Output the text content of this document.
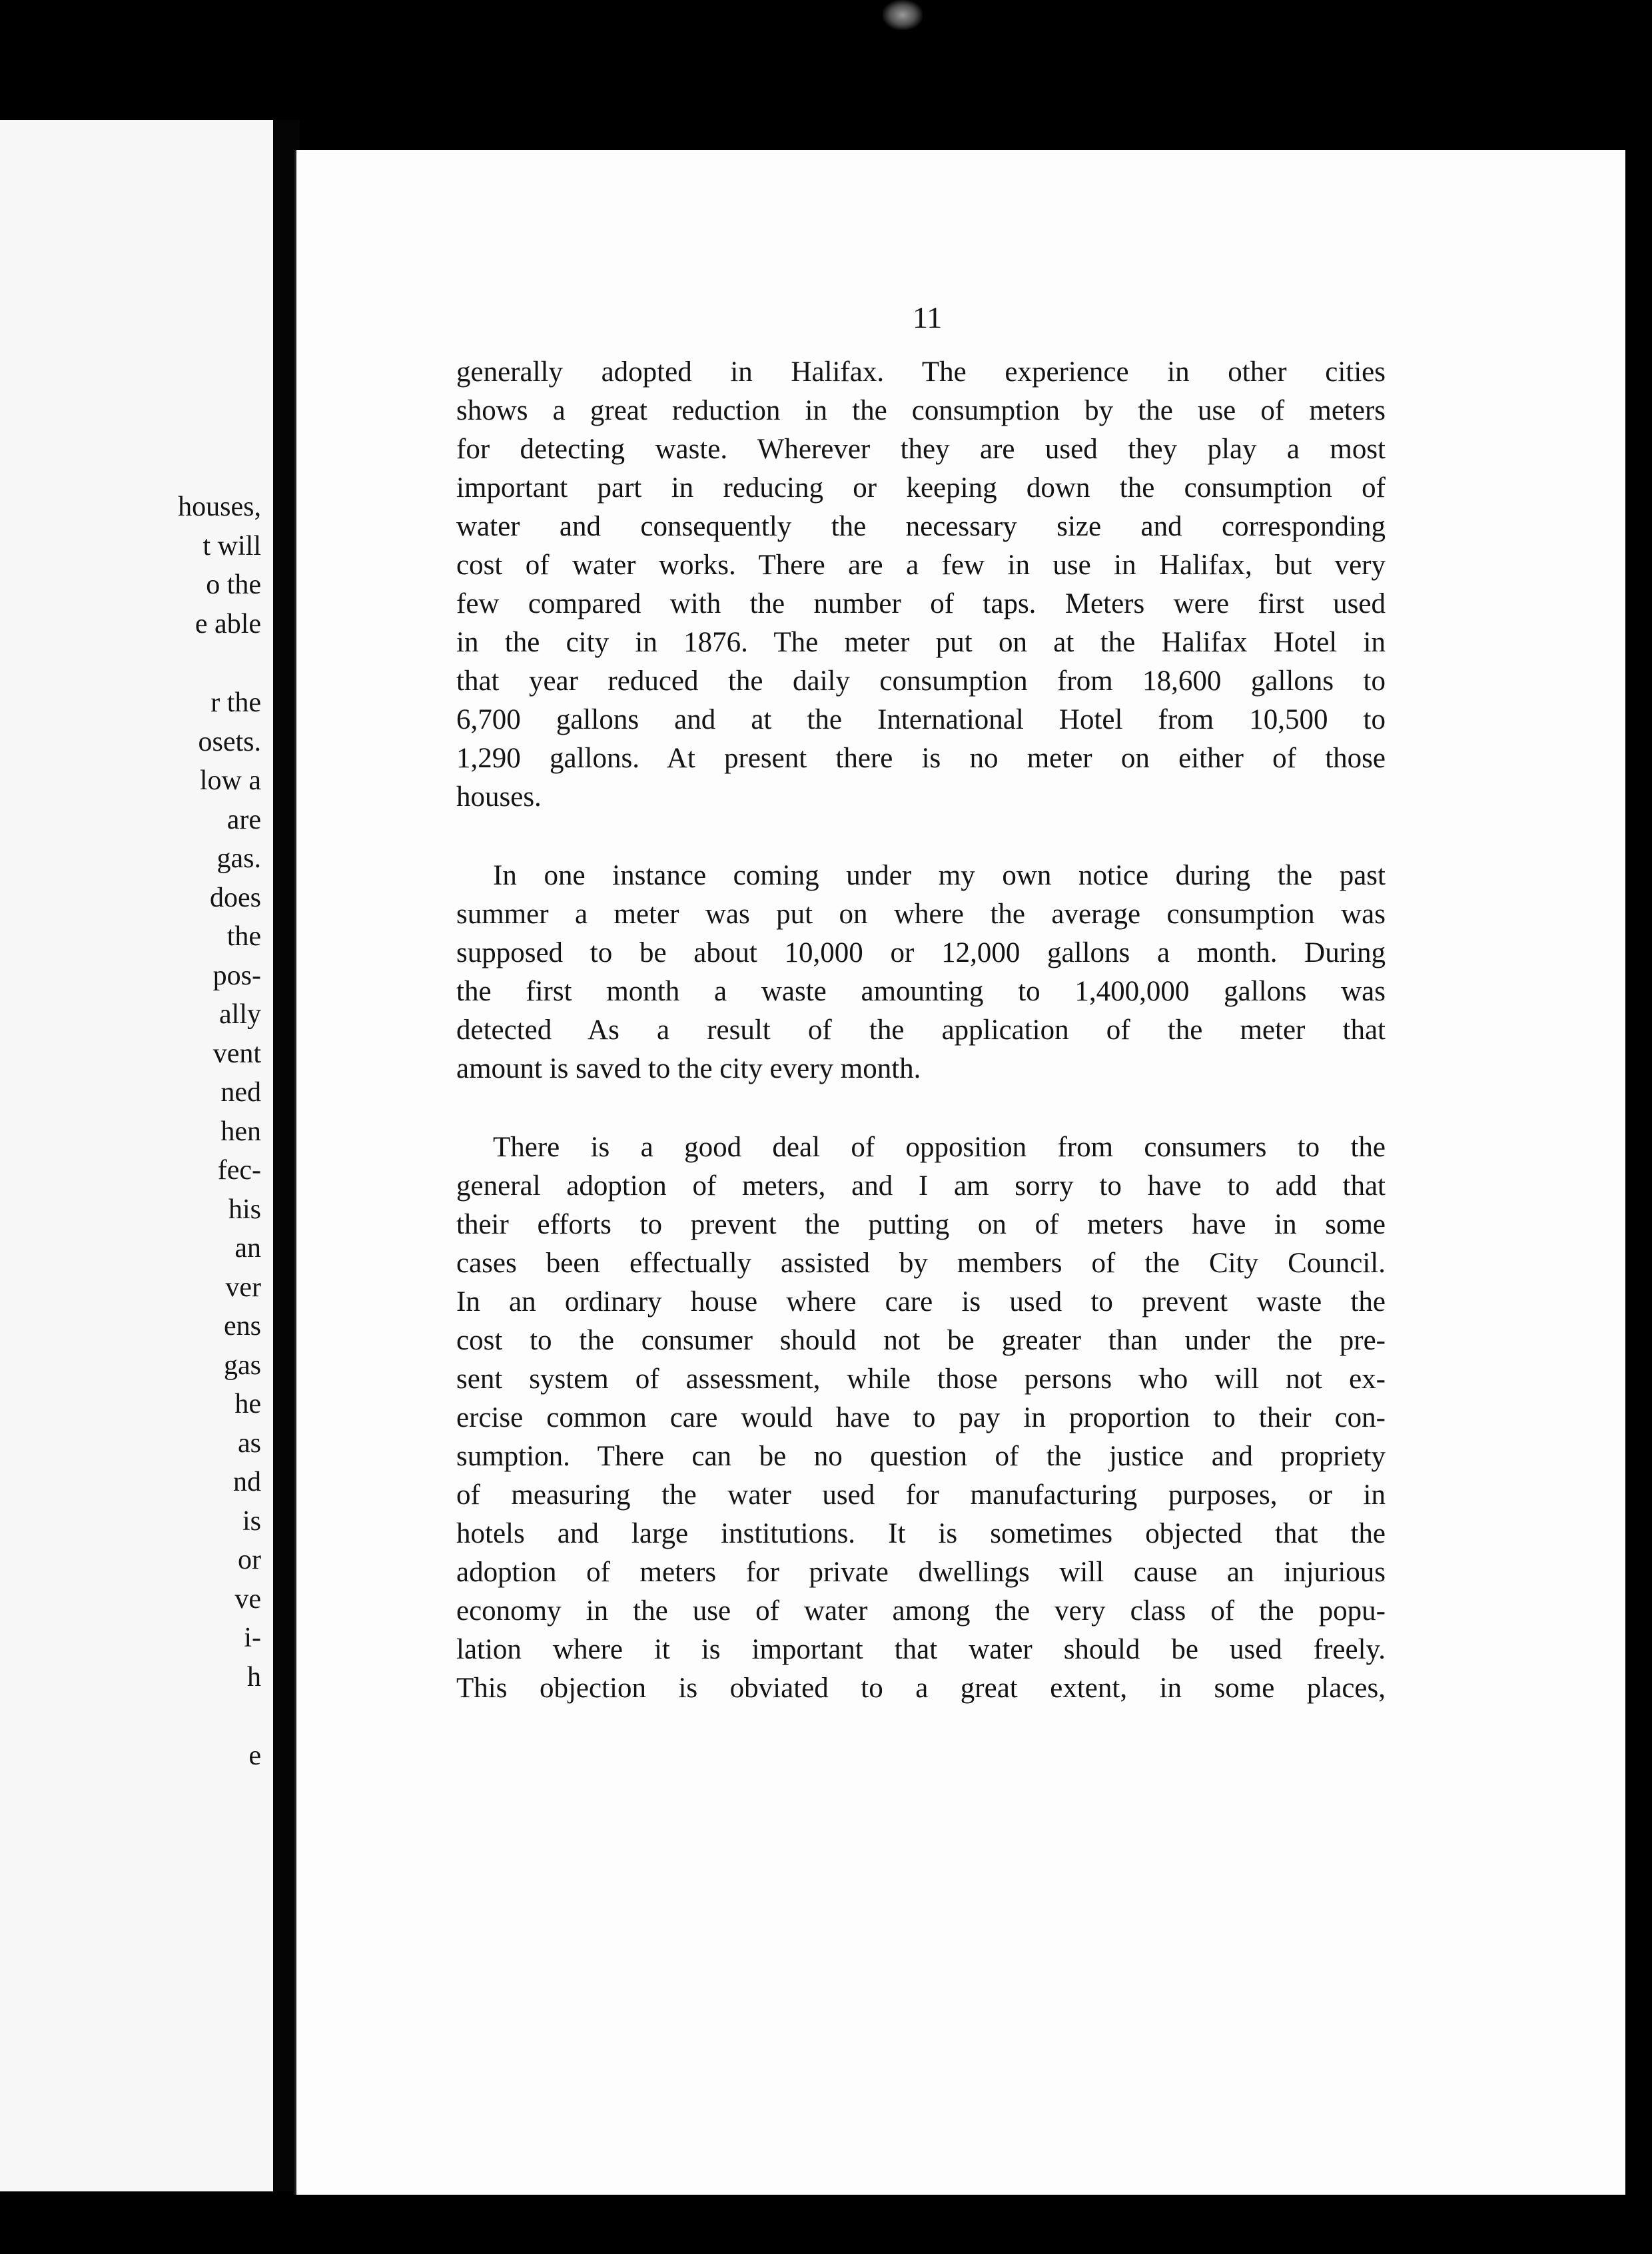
houses,
t will
o the
e able
r the
osets.
low a
are
gas.
does
the
pos-
ally
vent
ned
hen
fec-
his
an
ver
ens
gas
he
as
nd
is
or
ve
i-
h
e
11
generally adopted in Halifax. The experience in other cities
shows a great reduction in the consumption by the use of meters
for detecting waste. Wherever they are used they play a most
important part in reducing or keeping down the consumption of
water and consequently the necessary size and corresponding
cost of water works. There are a few in use in Halifax, but very
few compared with the number of taps. Meters were first used
in the city in 1876. The meter put on at the Halifax Hotel in
that year reduced the daily consumption from 18,600 gallons to
6,700 gallons and at the International Hotel from 10,500 to
1,290 gallons. At present there is no meter on either of those
houses.
In one instance coming under my own notice during the past
summer a meter was put on where the average consumption was
supposed to be about 10,000 or 12,000 gallons a month. During
the first month a waste amounting to 1,400,000 gallons was
detected As a result of the application of the meter that
amount is saved to the city every month.
There is a good deal of opposition from consumers to the
general adoption of meters, and I am sorry to have to add that
their efforts to prevent the putting on of meters have in some
cases been effectually assisted by members of the City Council.
In an ordinary house where care is used to prevent waste the
cost to the consumer should not be greater than under the pre-
sent system of assessment, while those persons who will not ex-
ercise common care would have to pay in proportion to their con-
sumption. There can be no question of the justice and propriety
of measuring the water used for manufacturing purposes, or in
hotels and large institutions. It is sometimes objected that the
adoption of meters for private dwellings will cause an injurious
economy in the use of water among the very class of the popu-
lation where it is important that water should be used freely.
This objection is obviated to a great extent, in some places,
